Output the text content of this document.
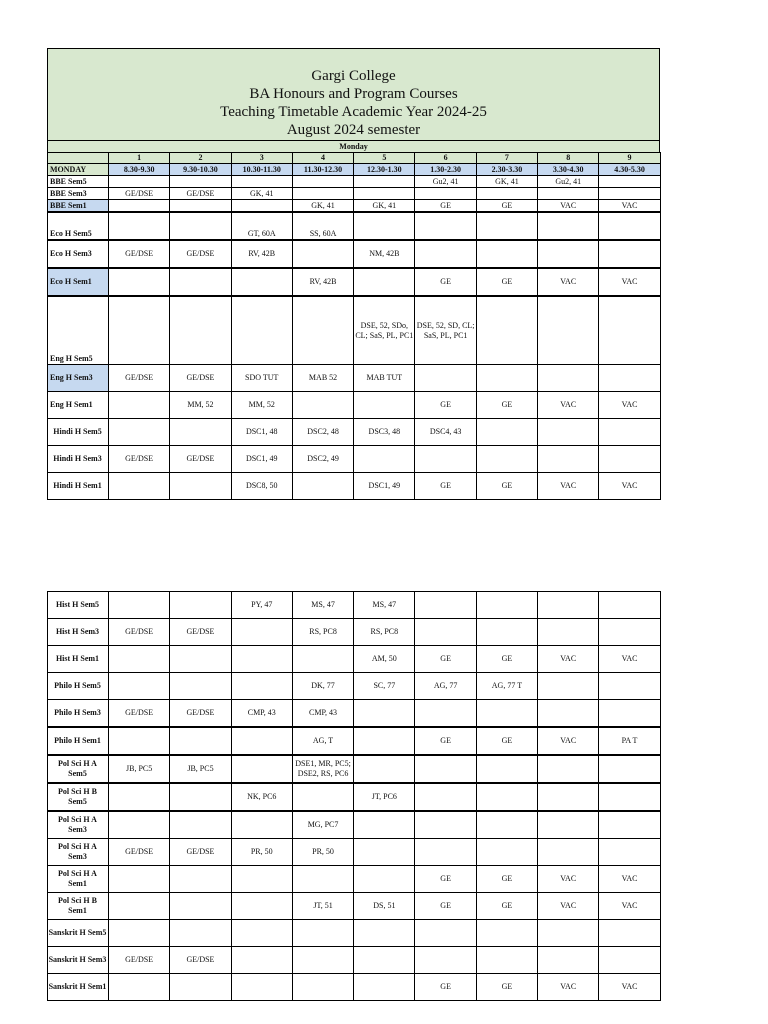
Gargi College
BA Honours and Program Courses
Teaching Timetable Academic Year 2024-25
August 2024 semester
Monday
	1	2	3	4	5	6	7	8	9
MONDAY	8.30-9.30	9.30-10.30	10.30-11.30	11.30-12.30	12.30-1.30	1.30-2.30	2.30-3.30	3.30-4.30	4.30-5.30
BBE Sem5						Gu2, 41	GK, 41	Gu2, 41	
BBE Sem3	GE/DSE	GE/DSE	GK, 41						
BBE Sem1				GK, 41	GK, 41	GE	GE	VAC	VAC
Eco H Sem5			GT, 60A	SS, 60A					
Eco H Sem3	GE/DSE	GE/DSE	RV, 42B		NM, 42B				
Eco H Sem1				RV, 42B		GE	GE	VAC	VAC
Eng H Sem5					DSE, 52, SDo, CL; SaS, PL, PC1	DSE, 52, SD, CL; SaS, PL, PC1			
Eng H Sem3	GE/DSE	GE/DSE	SDO TUT	MAB 52	MAB TUT				
Eng H Sem1		MM, 52	MM, 52			GE	GE	VAC	VAC
Hindi H Sem5			DSC1, 48	DSC2, 48	DSC3, 48	DSC4, 43			
Hindi H Sem3	GE/DSE	GE/DSE	DSC1, 49	DSC2, 49					
Hindi H Sem1			DSC8, 50		DSC1, 49	GE	GE	VAC	VAC
Hist H Sem5			PY, 47	MS, 47	MS, 47				
Hist H Sem3	GE/DSE	GE/DSE		RS, PC8	RS, PC8				
Hist H Sem1					AM, 50	GE	GE	VAC	VAC
Philo H Sem5				DK, 77	SC, 77	AG, 77	AG, 77 T		
Philo H Sem3	GE/DSE	GE/DSE	CMP, 43	CMP, 43					
Philo H Sem1				AG, T		GE	GE	VAC	PA T
Pol Sci H A Sem5	JB, PC5	JB, PC5		DSE1, MR, PC5; DSE2, RS, PC6					
Pol Sci H B Sem5			NK, PC6		JT, PC6				
Pol Sci H A Sem3				MG, PC7					
Pol Sci H A Sem3	GE/DSE	GE/DSE	PR, 50	PR, 50					
Pol Sci H A Sem1						GE	GE	VAC	VAC
Pol Sci H B Sem1				JT, 51	DS, 51	GE	GE	VAC	VAC
Sanskrit H Sem5									
Sanskrit H Sem3	GE/DSE	GE/DSE							
Sanskrit H Sem1						GE	GE	VAC	VAC
